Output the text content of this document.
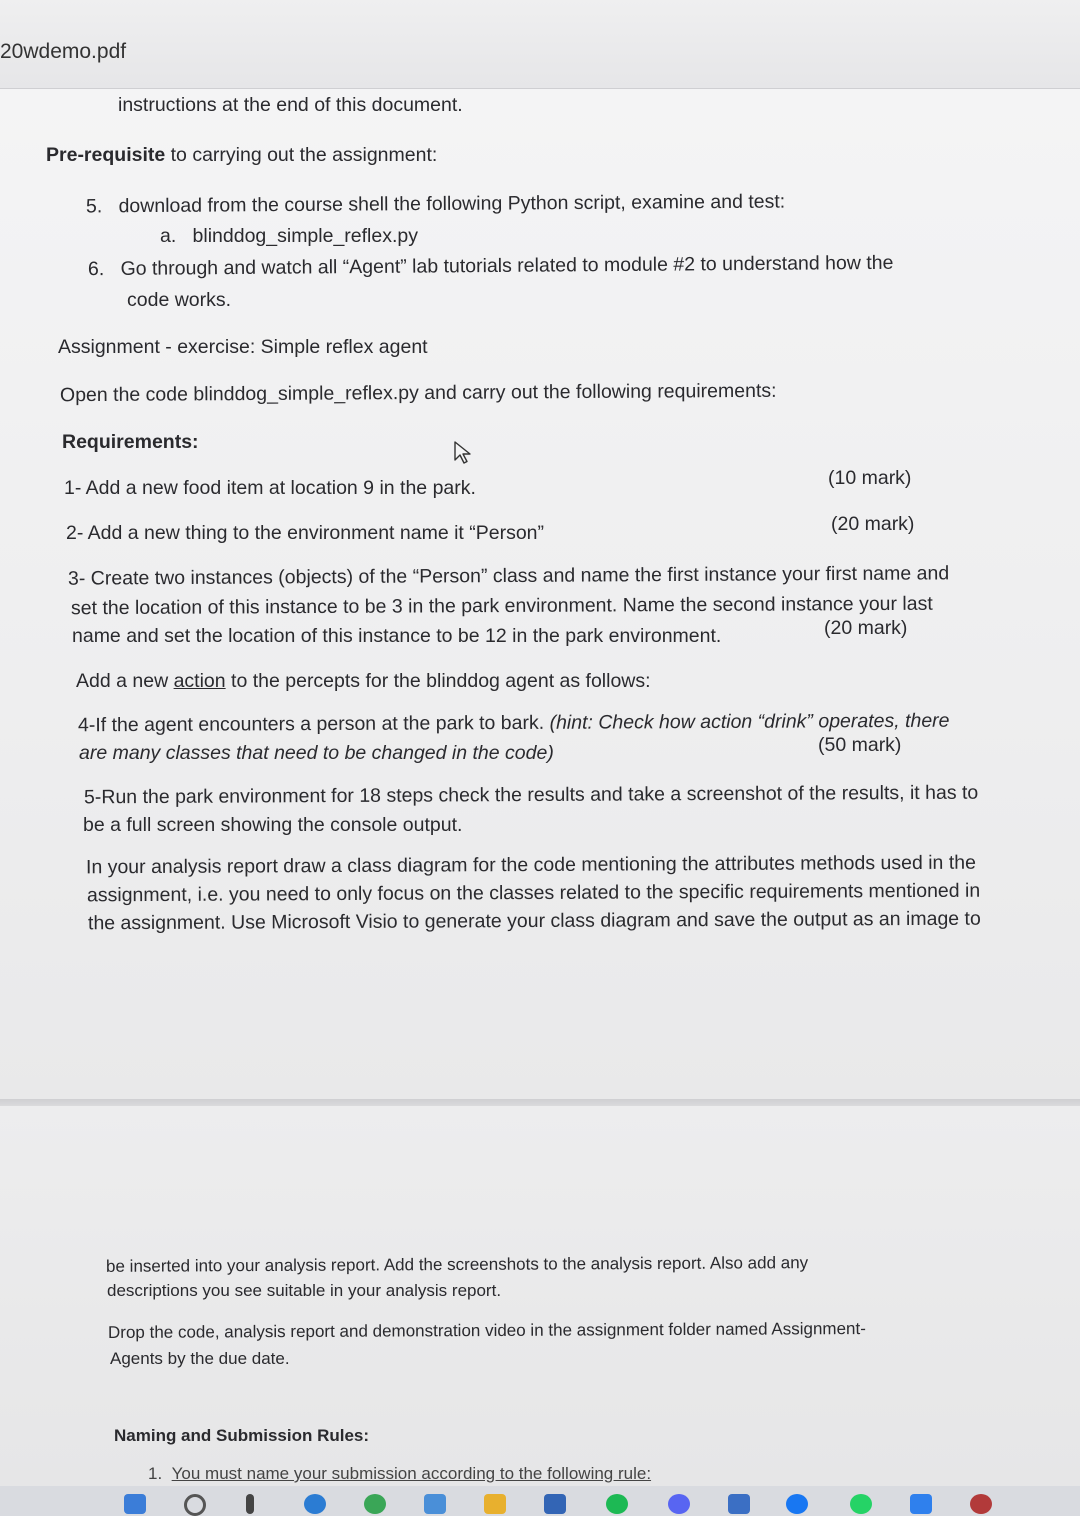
20wdemo.pdf
instructions at the end of this document.
Pre-requisite to carrying out the assignment:
5. download from the course shell the following Python script, examine and test:
a. blinddog_simple_reflex.py
6. Go through and watch all “Agent” lab tutorials related to module #2 to understand how the
code works.
Assignment - exercise: Simple reflex agent
Open the code blinddog_simple_reflex.py and carry out the following requirements:
Requirements:
1- Add a new food item at location 9 in the park.	(10 mark)
2- Add a new thing to the environment name it “Person”	(20 mark)
3- Create two instances (objects) of the “Person” class and name the first instance your first name and
set the location of this instance to be 3 in the park environment. Name the second instance your last
name and set the location of this instance to be 12 in the park environment.	(20 mark)
Add a new action to the percepts for the blinddog agent as follows:
4-If the agent encounters a person at the park to bark. (hint: Check how action “drink” operates, there
are many classes that need to be changed in the code)	(50 mark)
5-Run the park environment for 18 steps check the results and take a screenshot of the results, it has to
be a full screen showing the console output.
In your analysis report draw a class diagram for the code mentioning the attributes methods used in the
assignment, i.e. you need to only focus on the classes related to the specific requirements mentioned in
the assignment. Use Microsoft Visio to generate your class diagram and save the output as an image to
be inserted into your analysis report. Add the screenshots to the analysis report. Also add any
descriptions you see suitable in your analysis report.
Drop the code, analysis report and demonstration video in the assignment folder named Assignment-
Agents by the due date.
Naming and Submission Rules:
1. You must name your submission according to the following rule:
